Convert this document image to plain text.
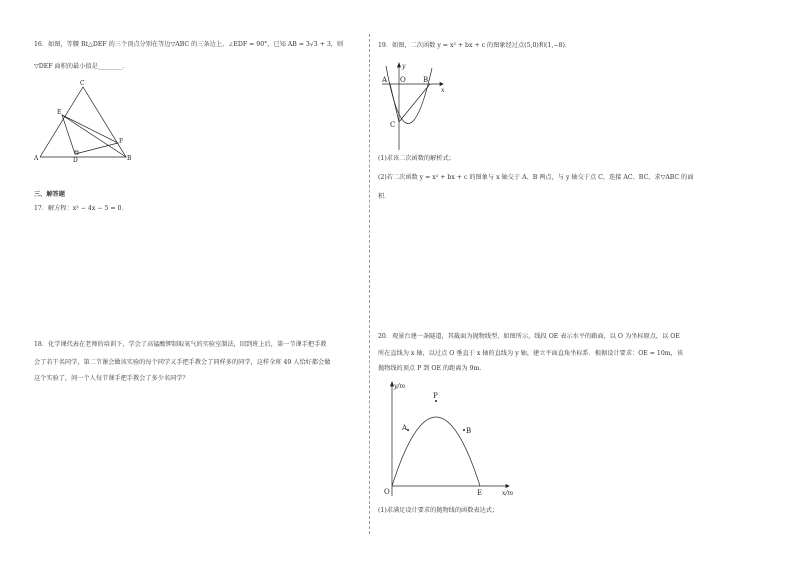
16．如图，等腰 Rt△DEF 的三个顶点分别在等边▽ABC 的三条边上，∠EDF = 90°，已知 AB = 3√3 + 3，则
▽DEF 面积的最小值是________．
A	B
C
D
E
F
三、解答题
17．解方程：x² − 4x − 5 = 0．
18．化学课代表在老师的培训下，学会了高锰酸钾制取氧气的实验室制法，回到班上后，第一节课手把手教
会了若干名同学，第二节课会做该实验的每个同学又手把手教会了同样多的同学，这样全班 49 人恰好都会做
这个实验了，问一个人每节课手把手教会了多少名同学？
19．如图，二次函数 y = x² + bx + c 的图象经过点(5,0)和(1,−8)．
A O B
C
x
y
(1)求该二次函数的解析式；
(2)若二次函数 y = x² + bx + c 的图象与 x 轴交于 A、B 两点，与 y 轴交于点 C，连接 AC、BC，求▽ABC 的面
积．
20．观景台建一条隧道，其截面为抛物线型，如图所示，线段 OE 表示水平的路面，以 O 为坐标原点，以 OE
所在直线为 x 轴，以过点 O 垂直于 x 轴的直线为 y 轴，建立平面直角坐标系．根据设计要求：OE = 10m，该
抛物线的顶点 P 到 OE 的距离为 9m．
y/m
x/m
O	E
P
A	B
(1)求满足设计要求的抛物线的函数表达式；
